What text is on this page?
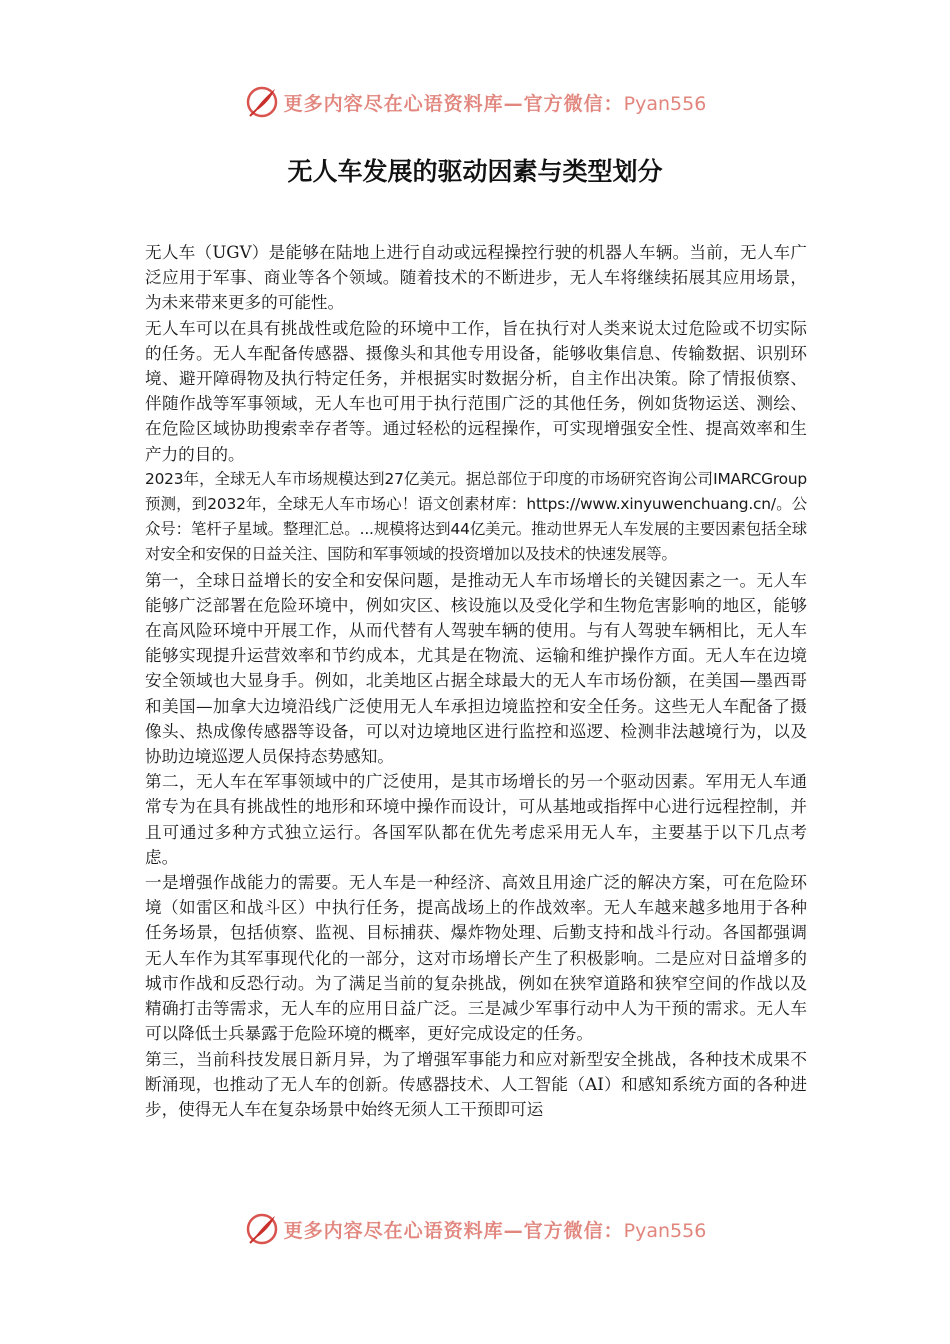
更多内容尽在心语资料库—官方微信：Pyan556
无人车发展的驱动因素与类型划分

无人车（UGV）是能够在陆地上进行自动或远程操控行驶的机器人车辆。当前，无人车广泛应用于军事、商业等各个领域。随着技术的不断进步，无人车将继续拓展其应用场景，为未来带来更多的可能性。

无人车可以在具有挑战性或危险的环境中工作，旨在执行对人类来说太过危险或不切实际的任务。无人车配备传感器、摄像头和其他专用设备，能够收集信息、传输数据、识别环境、避开障碍物及执行特定任务，并根据实时数据分析，自主作出决策。除了情报侦察、伴随作战等军事领域，无人车也可用于执行范围广泛的其他任务，例如货物运送、测绘、在危险区域协助搜索幸存者等。通过轻松的远程操作，可实现增强安全性、提高效率和生产力的目的。

2023年，全球无人车市场规模达到27亿美元。据总部位于印度的市场研究咨询公司IMARCGroup预测，到2032年，全球无人车市场心！语文创素材库：https://www.xinyuwenchuang.cn/。公众号：笔杆子星域。整理汇总。...规模将达到44亿美元。推动世界无人车发展的主要因素包括全球对安全和安保的日益关注、国防和军事领域的投资增加以及技术的快速发展等。

第一，全球日益增长的安全和安保问题，是推动无人车市场增长的关键因素之一。无人车能够广泛部署在危险环境中，例如灾区、核设施以及受化学和生物危害影响的地区，能够在高风险环境中开展工作，从而代替有人驾驶车辆的使用。与有人驾驶车辆相比，无人车能够实现提升运营效率和节约成本，尤其是在物流、运输和维护操作方面。无人车在边境安全领域也大显身手。例如，北美地区占据全球最大的无人车市场份额，在美国—墨西哥和美国—加拿大边境沿线广泛使用无人车承担边境监控和安全任务。这些无人车配备了摄像头、热成像传感器等设备，可以对边境地区进行监控和巡逻、检测非法越境行为，以及协助边境巡逻人员保持态势感知。

第二，无人车在军事领域中的广泛使用，是其市场增长的另一个驱动因素。军用无人车通常专为在具有挑战性的地形和环境中操作而设计，可从基地或指挥中心进行远程控制，并且可通过多种方式独立运行。各国军队都在优先考虑采用无人车，主要基于以下几点考虑。

一是增强作战能力的需要。无人车是一种经济、高效且用途广泛的解决方案，可在危险环境（如雷区和战斗区）中执行任务，提高战场上的作战效率。无人车越来越多地用于各种任务场景，包括侦察、监视、目标捕获、爆炸物处理、后勤支持和战斗行动。各国都强调无人车作为其军事现代化的一部分，这对市场增长产生了积极影响。二是应对日益增多的城市作战和反恐行动。为了满足当前的复杂挑战，例如在狭窄道路和狭窄空间的作战以及精确打击等需求，无人车的应用日益广泛。三是减少军事行动中人为干预的需求。无人车可以降低士兵暴露于危险环境的概率，更好完成设定的任务。

第三，当前科技发展日新月异，为了增强军事能力和应对新型安全挑战，各种技术成果不断涌现，也推动了无人车的创新。传感器技术、人工智能（AI）和感知系统方面的各种进步，使得无人车在复杂场景中始终无须人工干预即可运

更多内容尽在心语资料库—官方微信：Pyan556
